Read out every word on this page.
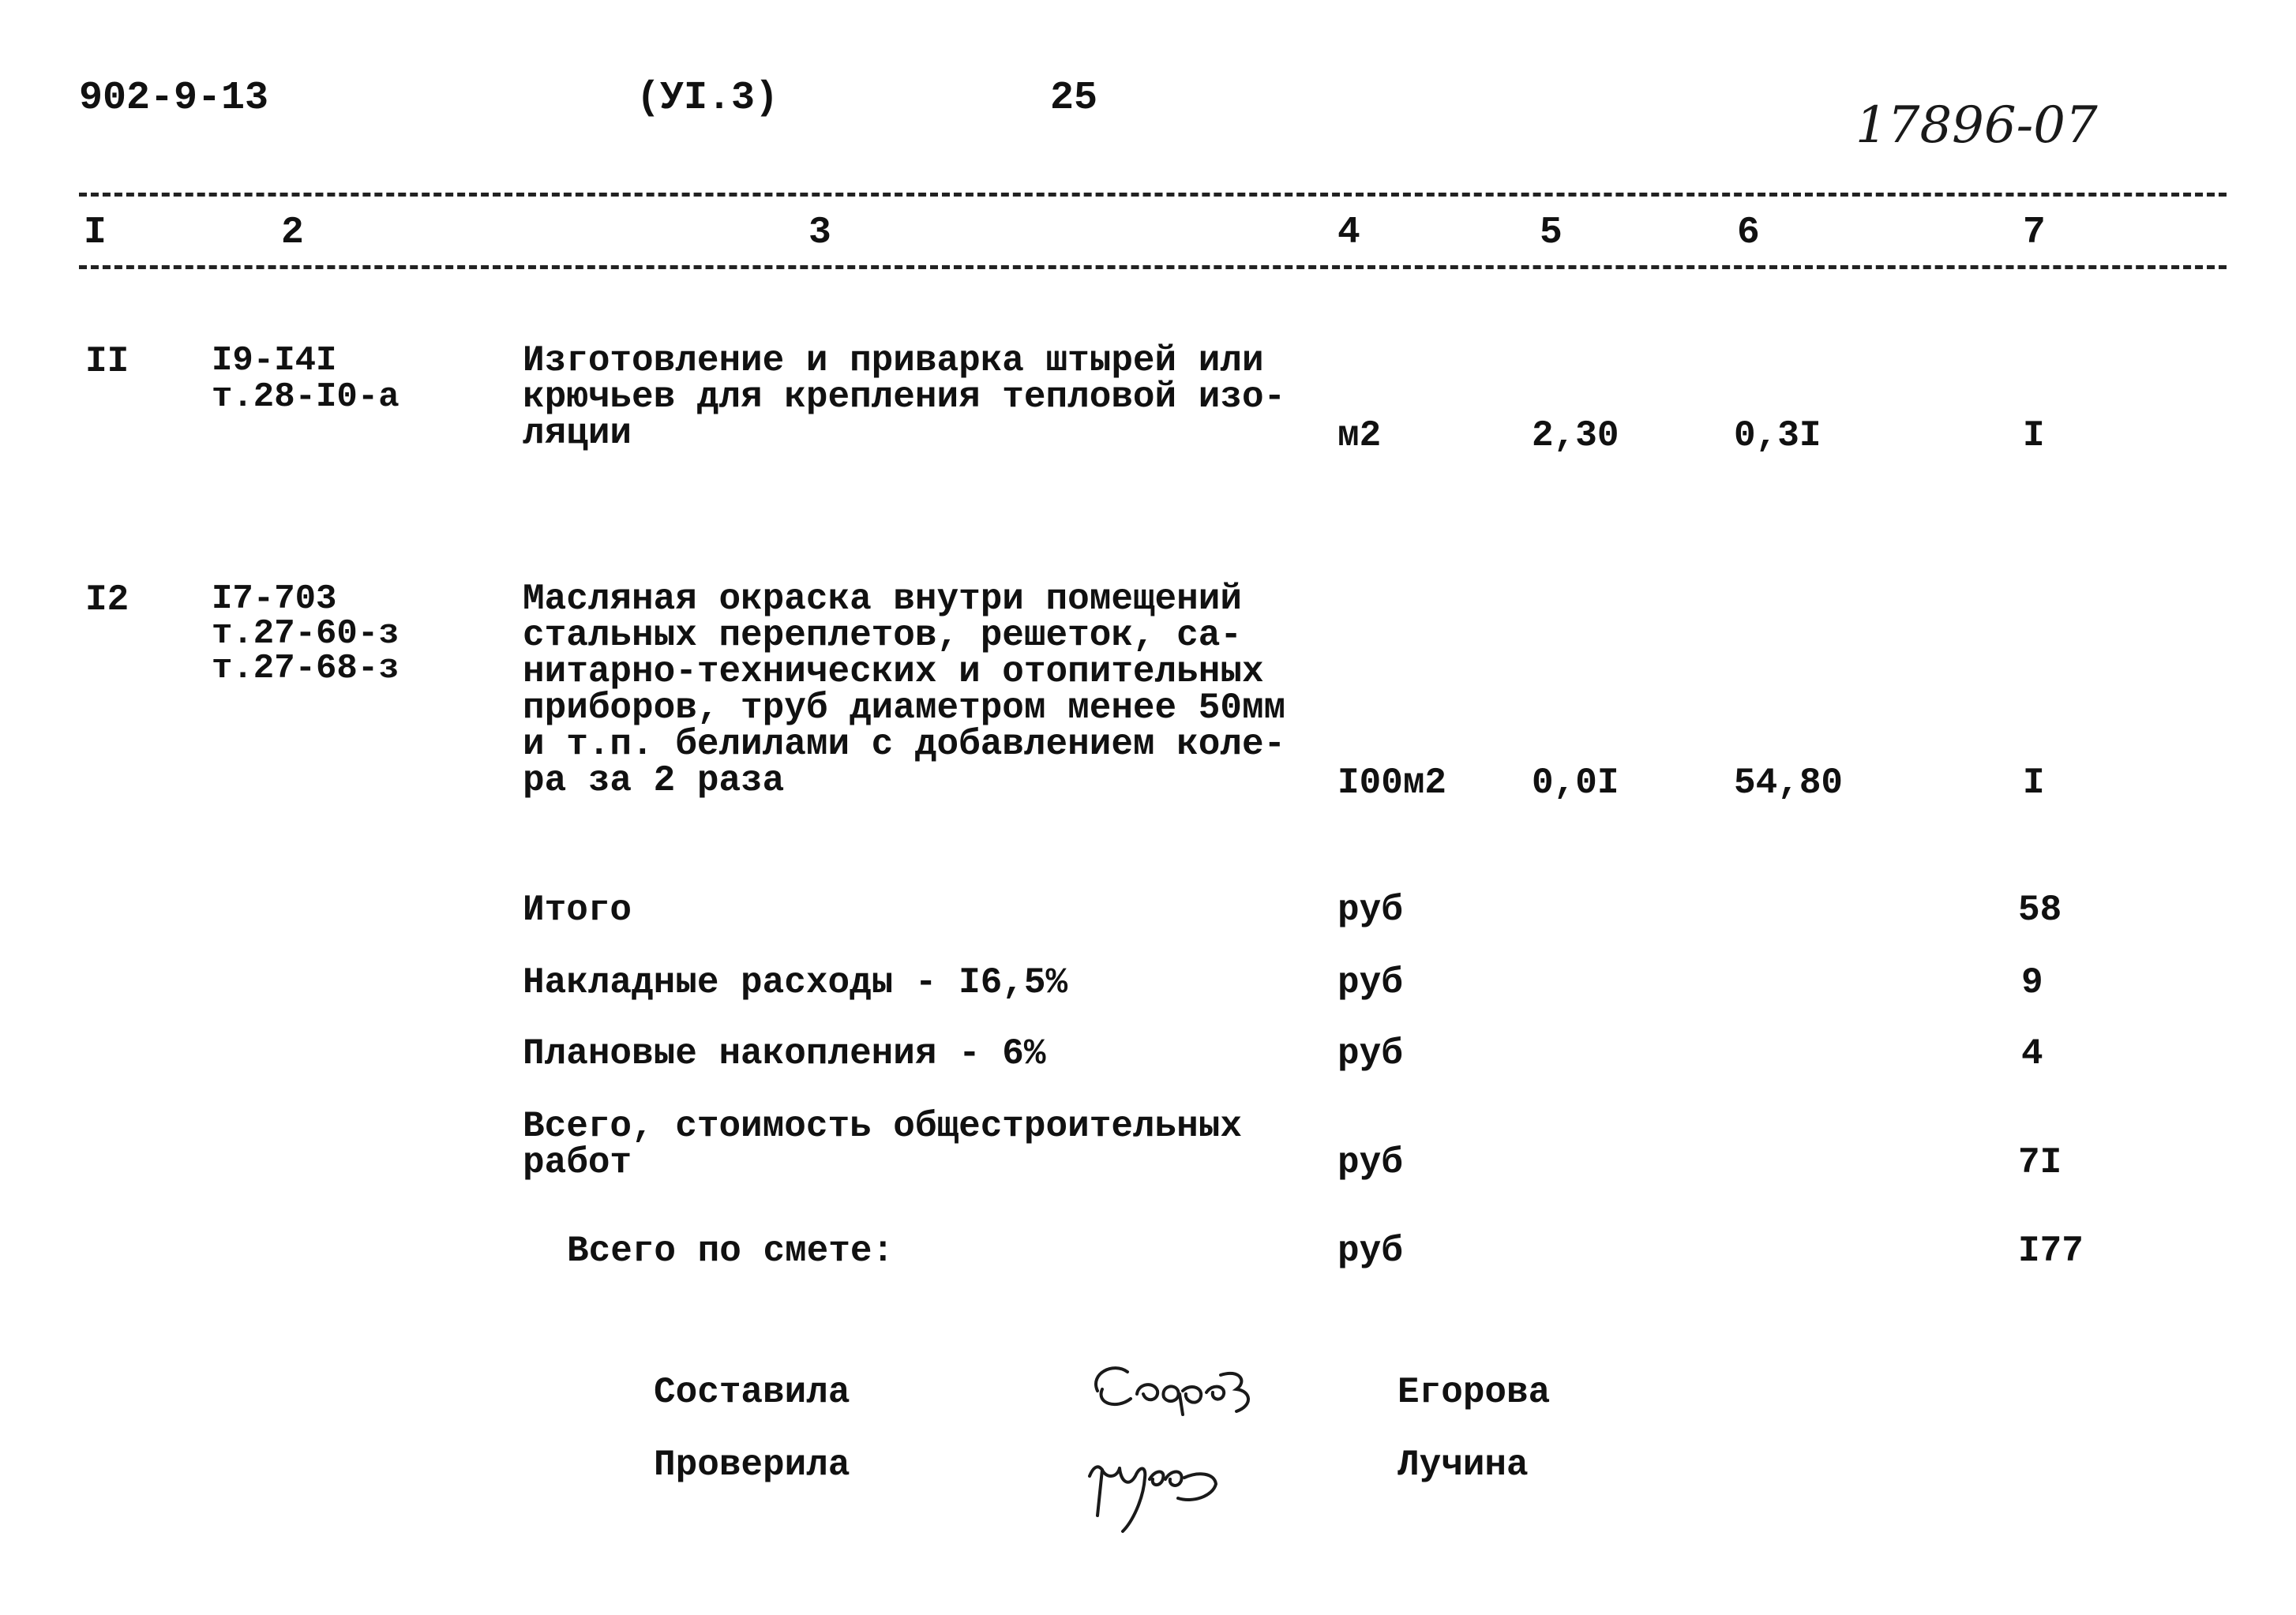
902-9-13	(УI.3)	25	17896-07
I	2	3	4	5	6	7
II I9-I4I
т.28-I0-а
Изготовление и приварка штырей или
крючьев для крепления тепловой изо-
ляции	м2	2,30	0,3I	I
I2 I7-703
т.27-60-з
т.27-68-з
Масляная окраска внутри помещений
стальных переплетов, решеток, са-
нитарно-технических и отопительных
приборов, труб диаметром менее 50мм
и т.п. белилами с добавлением коле-
ра за 2 раза	I00м2 0,0I	54,80	I
Итого	руб	58
Накладные расходы - I6,5%	руб	9
Плановые накопления - 6%	руб	4
Всего, стоимость общестроительных
работ	руб	7I
Всего по смете:	руб	I77
Составила	Егорова
Проверила	Лучина
